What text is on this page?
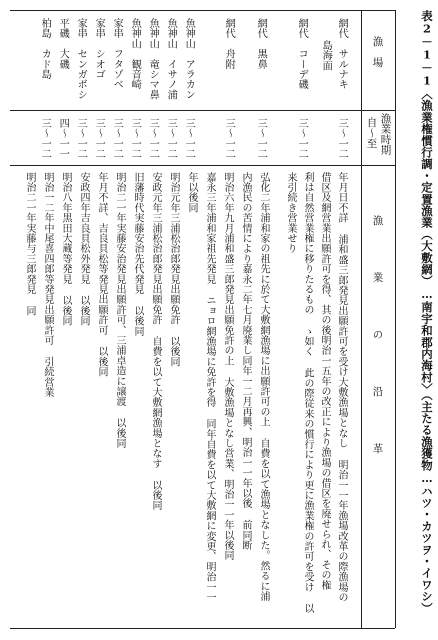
表2－1－1〈漁業権慣行調・定置漁業（大敷網）…南宇和郡内海村〉（主たる漁獲物…ハツ・カツヲ・イワシ）
漁　場
漁業時期
自～至
漁　業　の　沿　革
網代　サルナキ
島海面
三～一二
年月日不詳 浦和盛三郎発見出願許可を受け大敷漁場となし 明治一一年漁場改革の際漁場の
借区及網営業出願許可を得、其の後明治一五年の改正により漁場の借区を廃せられ、その権
利は自然営業権に移りたるもの ゝ如く 此の際従来の慣行により更に漁業権の許可を受け 以
来引続き営業せり
網代　コーデ磯
三～一二
弘化二年浦和家の祖先に於て大敷網漁場に出願許可の上 自費を以て漁場となした。然るに浦
内漁民の苦情により嘉永二年七月廃業し同年一二月再興、明治一一年以後 前同断
網代　黒鼻
三～一二
明治六年九月浦和盛三郎発見出願免許の上 大敷漁場となし営業、明治一一年以後同
網代　舟附
三～一二
嘉永三年浦和家祖先発見 ニョロ網漁場に免許を得 同年自費を以て大敷網に変更、明治一一
年以後同
魚神山　アラカン
三～一二
明治元年三浦松治郎発見出願免許 以後同
魚神山　イサノ浦
三～一二
安政元年三浦松治郎発見出願免許 自費を以て大敷網漁場となす 以後同
魚神山　竜シマ鼻
三～一二
旧藩時代実藤安治先代発見 以後同
魚神山　観音崎
三～一二
明治二一年実藤安治発見出願許可、三浦卓造に譲渡 以後同
家串　フタゾベ
三～一二
年月不詳、吉良貝松等発見出願許可 以後同
家串　シオゴ
三～一二
安政四年吉良貝松外発見 以後同
家串　センガボシ
三～一二
明治八年黒田大蔵等発見 以後同
平磯　大磯
四～一一
明治一二年中尾喜四郎等発見出願許可 引続営業
柏島　カド島
三～一二
明治二一年実藤与三郎発見 同
